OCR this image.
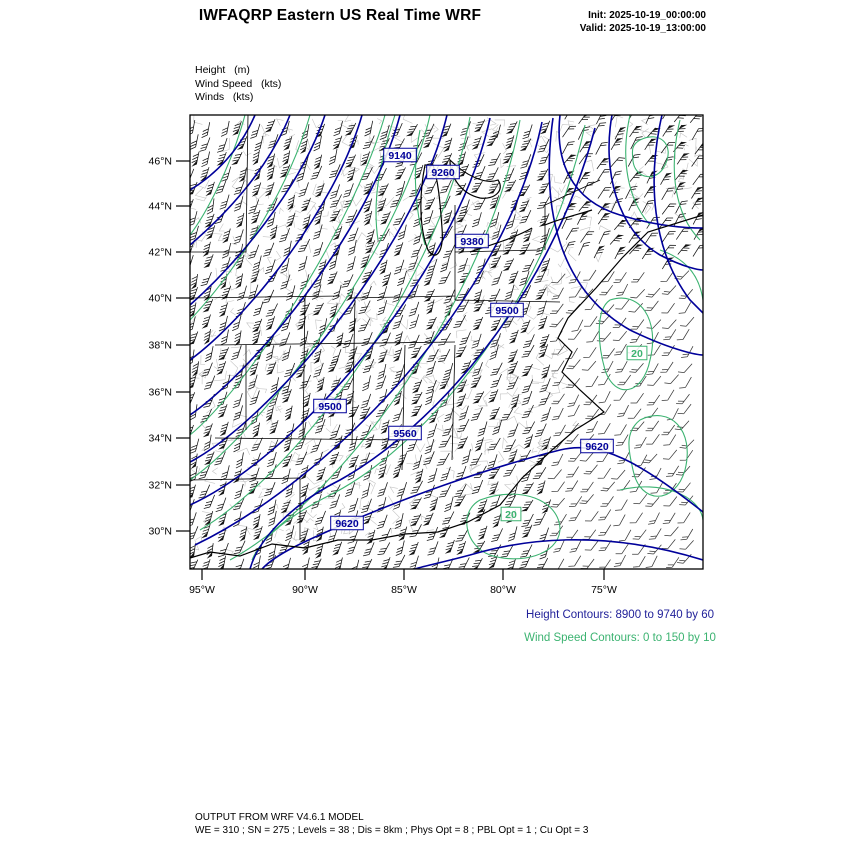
IWFAQRP Eastern US Real Time WRF	Init: 2025-10-19_00:00:00
Valid: 2025-10-19_13:00:00
Height   (m)
Wind Speed   (kts)
Winds   (kts)
46°N
44°N
42°N
40°N
38°N
36°N
34°N
32°N
30°N
95°W	90°W	85°W	80°W	75°W
9140
9260
9380
9500
9500
9560
9620
9620
20
20
Height Contours: 8900 to 9740 by 60
Wind Speed Contours: 0 to 150 by 10
OUTPUT FROM WRF V4.6.1 MODEL
WE = 310 ; SN = 275 ; Levels = 38 ; Dis = 8km ; Phys Opt = 8 ; PBL Opt = 1 ; Cu Opt = 3
